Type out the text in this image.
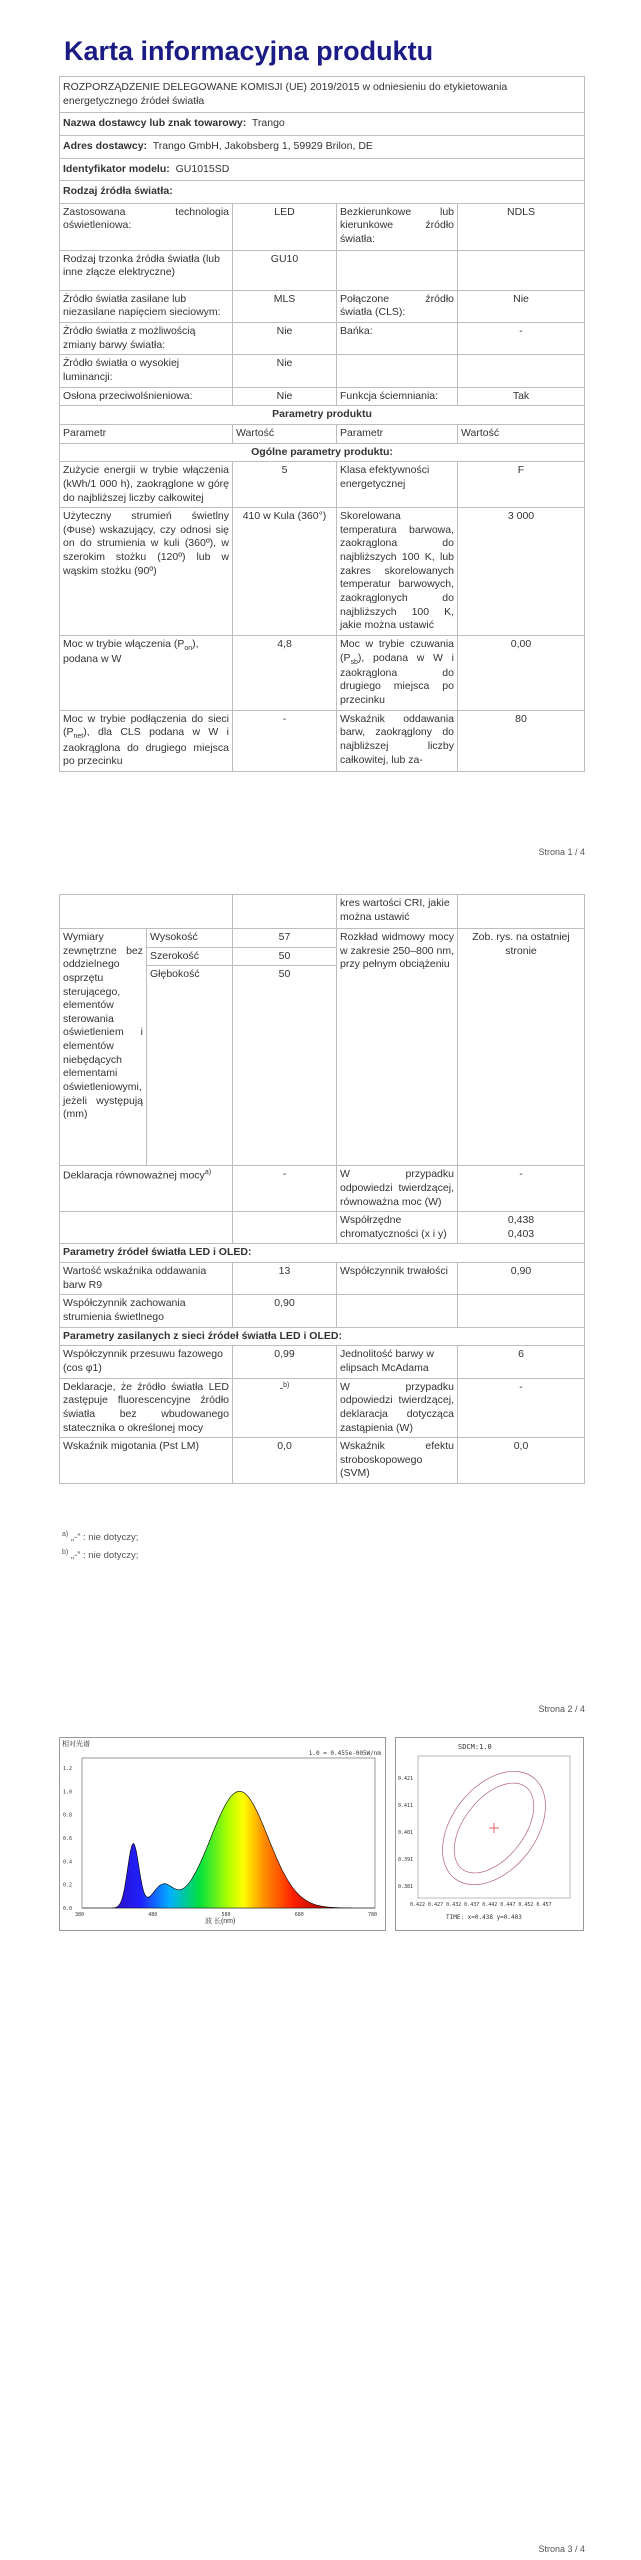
Karta informacyjna produktu
ROZPORZĄDZENIE DELEGOWANE KOMISJI (UE) 2019/2015 w odniesieniu do etykietowania energetycznego źródeł światła			
Nazwa dostawcy lub znak towarowy: Trango			
Adres dostawcy: Trango GmbH, Jakobsberg 1, 59929 Brilon, DE			
Identyfikator modelu: GU1015SD			
Rodzaj źródła światła:			
Zastosowana technologia oświetleniowa:	LED	Bezkierunkowe lub kierunkowe źródło światła:	NDLS
Rodzaj trzonka źródła światła (lub inne złącze elektryczne)	GU10		
Źródło światła zasilane lub niezasilane napięciem sieciowym:	MLS	Połączone źródło światła (CLS):	Nie
Źródło światła z możliwością zmiany barwy światła:	Nie	Bańka:	-
Źródło światła o wysokiej luminancji:	Nie		
Osłona przeciwolśnieniowa:	Nie	Funkcja ściemniania:	Tak
Parametry produktu			
Parametr	Wartość	Parametr	Wartość
Ogólne parametry produktu:			
Zużycie energii w trybie włączenia (kWh/1 000 h), zaokrąglone w górę do najbliższej liczby całkowitej	5	Klasa efektywności energetycznej	F
Użyteczny strumień świetlny (Φuse) wskazujący, czy odnosi się on do strumienia w kuli (360º), w szerokim stożku (120º) lub w wąskim stożku (90º)	410 w Kula (360°)	Skorelowana temperatura barwowa, zaokrąglona do najbliższych 100 K, lub zakres skorelowanych temperatur barwowych, zaokrąglonych do najbliższych 100 K, jakie można ustawić	3 000
Moc w trybie włączenia $(P_{on})$, podana w W	4,8	Moc w trybie czuwania $(P_{sb})$, podana w W i zaokrąglona do drugiego miejsca po przecinku	0,00
Moc w trybie podłączenia do sieci $(P_{net})$, dla CLS podana w W i zaokrąglona do drugiego miejsca po przecinku	-	Wskaźnik oddawania barw, zaokrąglony do najbliższej liczby całkowitej, lub za-	80
Strona 1 / 4
			kres wartości CRI, jakie można ustawić	
Wymiary zewnętrzne bez oddzielnego osprzętu sterującego, elementów sterowania oświetleniem i elementów niebędących elementami oświetleniowymi, jeżeli występują (mm)	Wysokość	57	Rozkład widmowy mocy w zakresie 250–800 nm, przy pełnym obciążeniu	Zob. rys. na ostatniej stronie
	Szerokość	50		
	Głębokość	50		
Deklaracja równoważnej mocy$^{a)}$		-	W przypadku odpowiedzi twierdzącej, równoważna moc (W)	-
			Współrzędne chromatyczności (x i y)	0,438
0,403

Parametry źródeł światła LED i OLED:				
Wartość wskaźnika oddawania barw R9		13	Współczynnik trwałości	0,90
Współczynnik zachowania strumienia świetlnego		0,90		
Parametry zasilanych z sieci źródeł światła LED i OLED:				
Współczynnik przesuwu fazowego (cos φ1)		0,99	Jednolitość barwy w elipsach McAdama	6
Deklaracje, że źródło światła LED zastępuje fluorescencyjne źródło światła bez wbudowanego statecznika o określonej mocy		-$^{b)}$	W przypadku odpowiedzi twierdzącej, deklaracja dotycząca zastąpienia (W)	-
Wskaźnik migotania (Pst LM)		0,0	Wskaźnik efektu stroboskopowego (SVM)	0,0
$^{a)}$ „-” : nie dotyczy;
$^{b)}$ „-” : nie dotyczy;
Strona 2 / 4
相对光谱
1.0 = 0.455e-005W/nm
0.0
0.2
0.4
0.6
0.8
1.0
1.2
380	480	580	680	780
波 长(nm)
SDCM:1.0
0.421
0.411
0.401
0.391
0.381
0.422 0.427 0.432 0.437 0.442 0.447 0.452 0.457
TIME: x=0.438 y=0.403
Strona 3 / 4
